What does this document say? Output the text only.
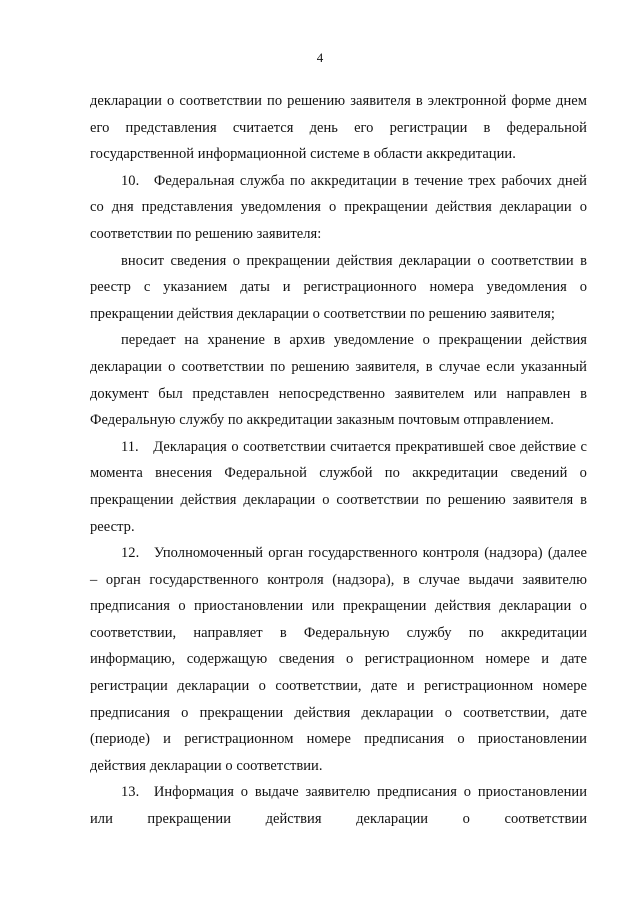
4

декларации о соответствии по решению заявителя в электронной форме днем его представления считается день его регистрации в федеральной государственной информационной системе в области аккредитации.

10. Федеральная служба по аккредитации в течение трех рабочих дней со дня представления уведомления о прекращении действия декларации о соответствии по решению заявителя:

вносит сведения о прекращении действия декларации о соответствии в реестр с указанием даты и регистрационного номера уведомления о прекращении действия декларации о соответствии по решению заявителя;

передает на хранение в архив уведомление о прекращении действия декларации о соответствии по решению заявителя, в случае если указанный документ был представлен непосредственно заявителем или направлен в Федеральную службу по аккредитации заказным почтовым отправлением.

11. Декларация о соответствии считается прекратившей свое действие с момента внесения Федеральной службой по аккредитации сведений о прекращении действия декларации о соответствии по решению заявителя в реестр.

12. Уполномоченный орган государственного контроля (надзора) (далее – орган государственного контроля (надзора), в случае выдачи заявителю предписания о приостановлении или прекращении действия декларации о соответствии, направляет в Федеральную службу по аккредитации информацию, содержащую сведения о регистрационном номере и дате регистрации декларации о соответствии, дате и регистрационном номере предписания о прекращении действия декларации о соответствии, дате (периоде) и регистрационном номере предписания о приостановлении действия декларации о соответствии.

13. Информация о выдаче заявителю предписания о приостановлении или прекращении действия декларации о соответствии
